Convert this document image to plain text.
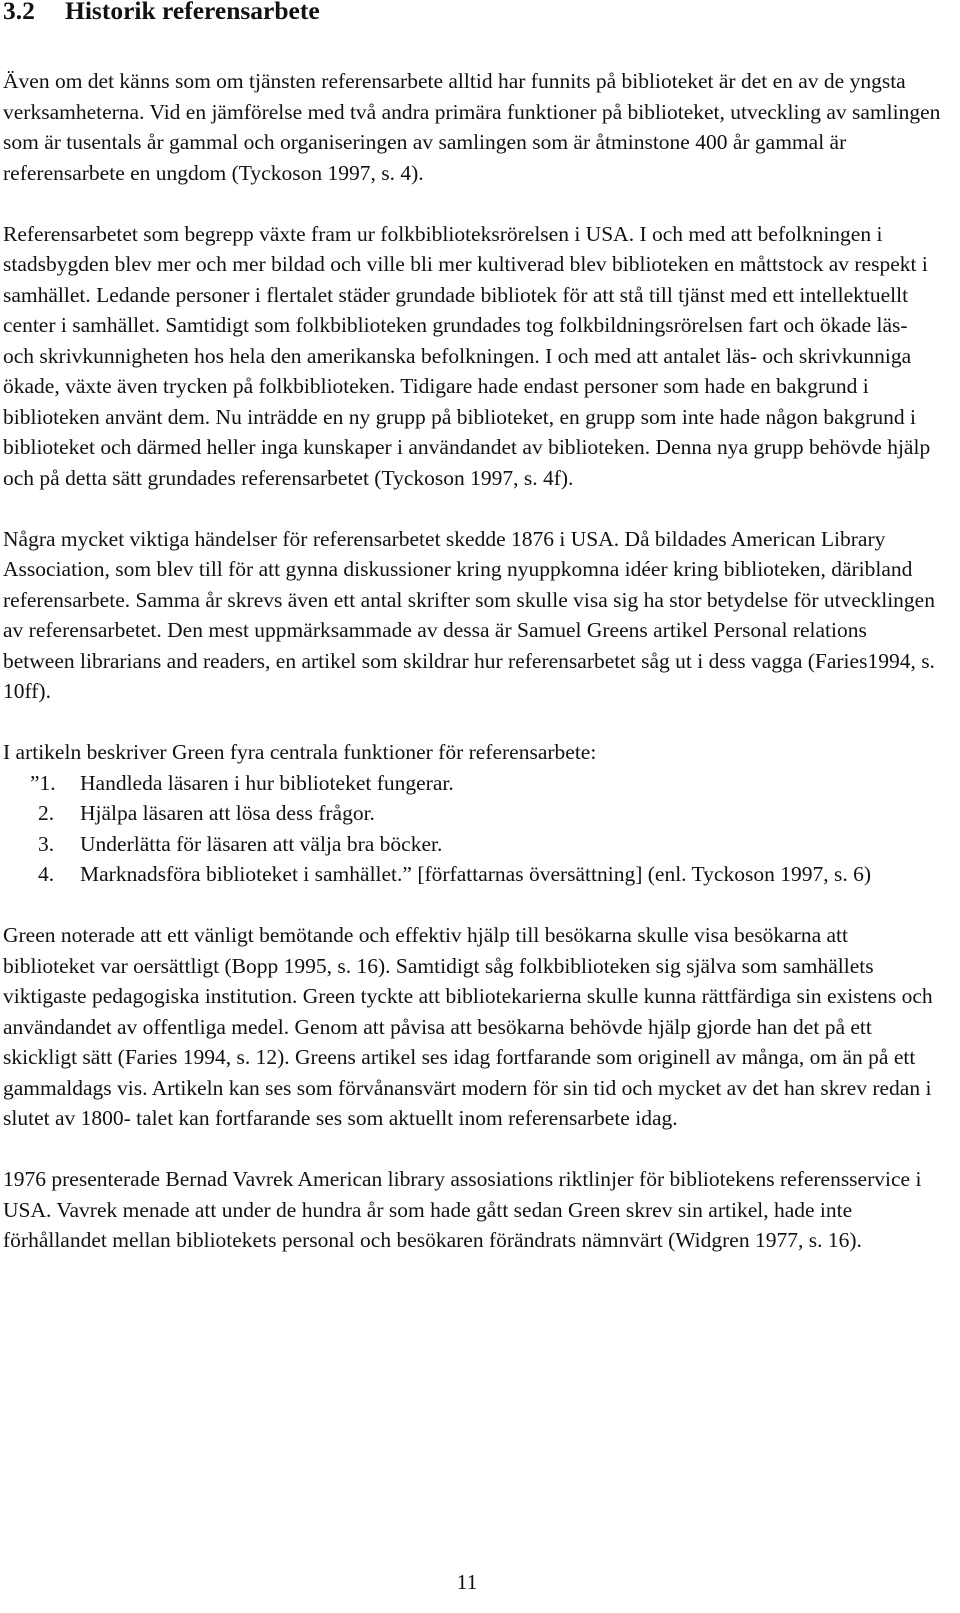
3.2 Historik referensarbete

Även om det känns som om tjänsten referensarbete alltid har funnits på biblioteket är det en av de yngsta verksamheterna. Vid en jämförelse med två andra primära funktioner på biblioteket, utveckling av samlingen som är tusentals år gammal och organiseringen av samlingen som är åtminstone 400 år gammal är referensarbete en ungdom (Tyckoson 1997, s. 4).

Referensarbetet som begrepp växte fram ur folkbiblioteksrörelsen i USA. I och med att befolkningen i stadsbygden blev mer och mer bildad och ville bli mer kultiverad blev biblioteken en måttstock av respekt i samhället. Ledande personer i flertalet städer grundade bibliotek för att stå till tjänst med ett intellektuellt center i samhället. Samtidigt som folkbiblioteken grundades tog folkbildningsrörelsen fart och ökade läs- och skrivkunnigheten hos hela den amerikanska befolkningen. I och med att antalet läs- och skrivkunniga ökade, växte även trycken på folkbiblioteken. Tidigare hade endast personer som hade en bakgrund i biblioteken använt dem. Nu inträdde en ny grupp på biblioteket, en grupp som inte hade någon bakgrund i biblioteket och därmed heller inga kunskaper i användandet av biblioteken. Denna nya grupp behövde hjälp och på detta sätt grundades referensarbetet (Tyckoson 1997, s. 4f).

Några mycket viktiga händelser för referensarbetet skedde 1876 i USA. Då bildades American Library Association, som blev till för att gynna diskussioner kring nyuppkomna idéer kring biblioteken, däribland referensarbete. Samma år skrevs även ett antal skrifter som skulle visa sig ha stor betydelse för utvecklingen av referensarbetet. Den mest uppmärksammade av dessa är Samuel Greens artikel Personal relations between librarians and readers, en artikel som skildrar hur referensarbetet såg ut i dess vagga (Faries1994, s. 10ff).

I artikeln beskriver Green fyra centrala funktioner för referensarbete:

”1. Handleda läsaren i hur biblioteket fungerar.
2. Hjälpa läsaren att lösa dess frågor.
3. Underlätta för läsaren att välja bra böcker.
4. Marknadsföra biblioteket i samhället.” [författarnas översättning] (enl. Tyckoson 1997, s. 6)

Green noterade att ett vänligt bemötande och effektiv hjälp till besökarna skulle visa besökarna att biblioteket var oersättligt (Bopp 1995, s. 16). Samtidigt såg folkbiblioteken sig själva som samhällets viktigaste pedagogiska institution. Green tyckte att bibliotekarierna skulle kunna rättfärdiga sin existens och användandet av offentliga medel. Genom att påvisa att besökarna behövde hjälp gjorde han det på ett skickligt sätt (Faries 1994, s. 12). Greens artikel ses idag fortfarande som originell av många, om än på ett gammaldags vis. Artikeln kan ses som förvånansvärt modern för sin tid och mycket av det han skrev redan i slutet av 1800- talet kan fortfarande ses som aktuellt inom referensarbete idag.

1976 presenterade Bernad Vavrek American library assosiations riktlinjer för bibliotekens referensservice i USA. Vavrek menade att under de hundra år som hade gått sedan Green skrev sin artikel, hade inte förhållandet mellan bibliotekets personal och besökaren förändrats nämnvärt (Widgren 1977, s. 16).

11
